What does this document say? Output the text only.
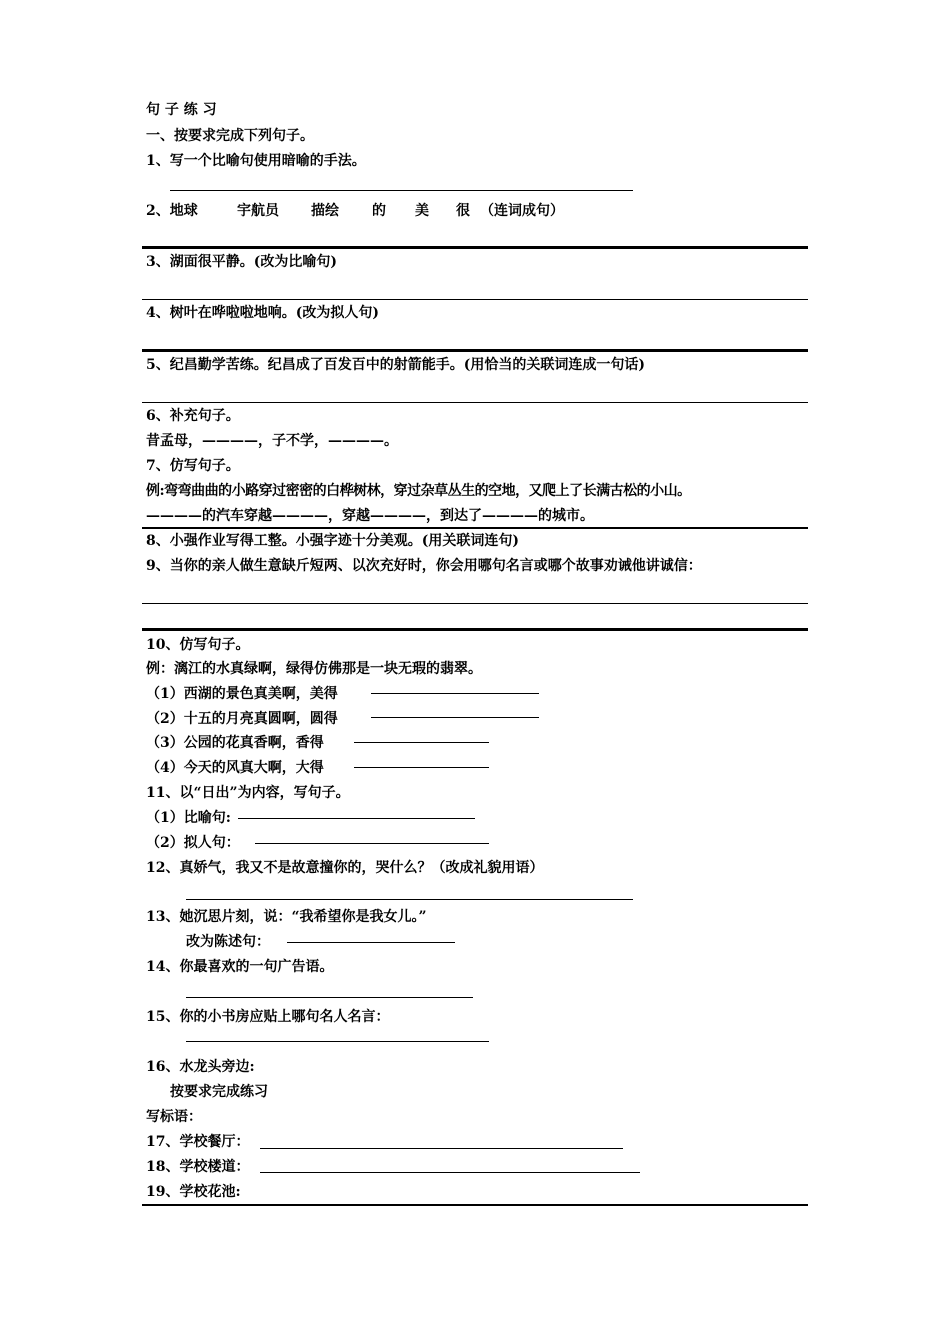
句 子 练 习
一、按要求完成下列句子。
1、写一个比喻句使用暗喻的手法。
2、地球	宇航员 描绘 的 美 很 （连词成句）
3、湖面很平静。(改为比喻句)
4、树叶在哗啦啦地响。(改为拟人句)
5、纪昌勤学苦练。纪昌成了百发百中的射箭能手。(用恰当的关联词连成一句话)
6、补充句子。
昔孟母，————，子不学，————。
7、仿写句子。
例:弯弯曲曲的小路穿过密密的白桦树林，穿过杂草丛生的空地，又爬上了长满古松的小山。
————的汽车穿越————，穿越————，到达了————的城市。
8、小强作业写得工整。小强字迹十分美观。(用关联词连句)
9、当你的亲人做生意缺斤短两、以次充好时，你会用哪句名言或哪个故事劝诫他讲诚信：
10、仿写句子。
例：漓江的水真绿啊，绿得仿佛那是一块无瑕的翡翠。
（1）西湖的景色真美啊，美得
（2）十五的月亮真圆啊，圆得
（3）公园的花真香啊，香得
（4）今天的风真大啊，大得
11、以“日出”为内容，写句子。
（1）比喻句:
（2）拟人句：
12、真娇气，我又不是故意撞你的，哭什么？（改成礼貌用语）
13、她沉思片刻，说：“我希望你是我女儿。”
改为陈述句：
14、你最喜欢的一句广告语。
15、你的小书房应贴上哪句名人名言：
16、水龙头旁边:
按要求完成练习
写标语：
17、学校餐厅：
18、学校楼道：
19、学校花池:
